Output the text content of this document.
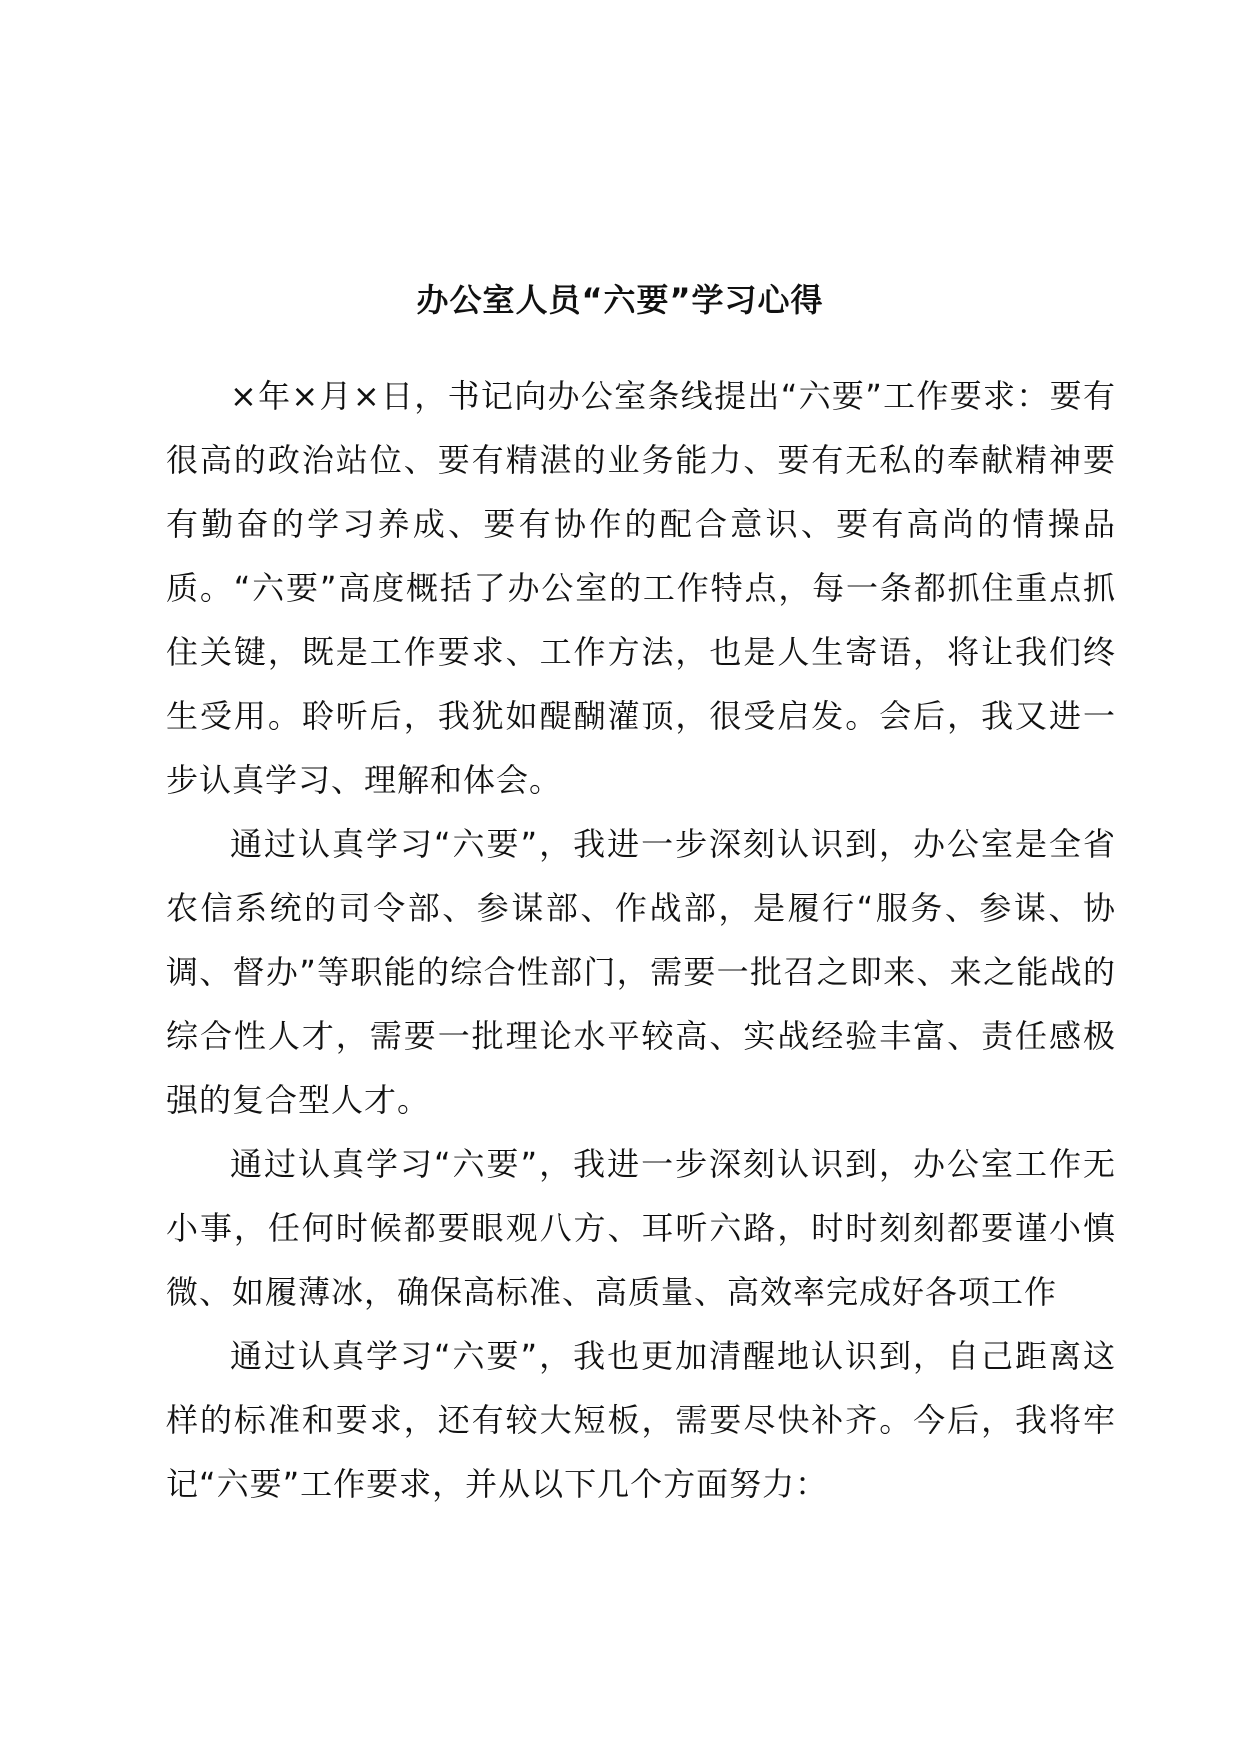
办公室人员“六要”学习心得

×年×月×日，书记向办公室条线提出“六要”工作要求：要有很高的政治站位、要有精湛的业务能力、要有无私的奉献精神要有勤奋的学习养成、要有协作的配合意识、要有高尚的情操品质。“六要”高度概括了办公室的工作特点，每一条都抓住重点抓住关键，既是工作要求、工作方法，也是人生寄语，将让我们终生受用。聆听后，我犹如醍醐灌顶，很受启发。会后，我又进一步认真学习、理解和体会。

通过认真学习“六要”，我进一步深刻认识到，办公室是全省农信系统的司令部、参谋部、作战部，是履行“服务、参谋、协调、督办”等职能的综合性部门，需要一批召之即来、来之能战的综合性人才，需要一批理论水平较高、实战经验丰富、责任感极强的复合型人才。

通过认真学习“六要”，我进一步深刻认识到，办公室工作无小事，任何时候都要眼观八方、耳听六路，时时刻刻都要谨小慎微、如履薄冰，确保高标准、高质量、高效率完成好各项工作

通过认真学习“六要”，我也更加清醒地认识到，自己距离这样的标准和要求，还有较大短板，需要尽快补齐。今后，我将牢记“六要”工作要求，并从以下几个方面努力：
